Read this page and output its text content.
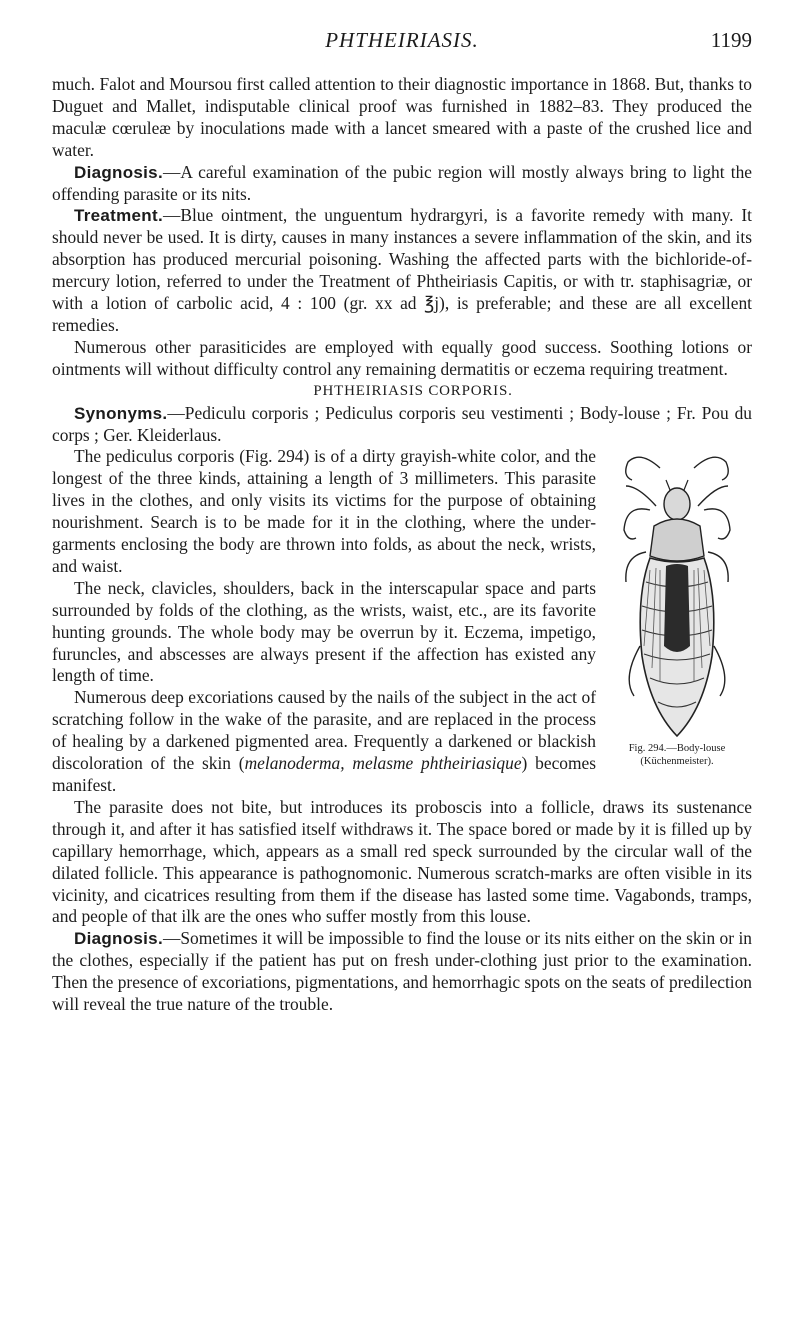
PHTHEIRIASIS.	1199

much. Falot and Moursou first called attention to their diagnostic importance in 1868. But, thanks to Duguet and Mallet, indisputable clinical proof was furnished in 1882–83. They produced the maculæ cœruleæ by inoculations made with a lancet smeared with a paste of the crushed lice and water.

Diagnosis.—A careful examination of the pubic region will mostly always bring to light the offending parasite or its nits.

Treatment.—Blue ointment, the unguentum hydrargyri, is a favorite remedy with many. It should never be used. It is dirty, causes in many instances a severe inflammation of the skin, and its absorption has produced mercurial poisoning. Washing the affected parts with the bichloride-of-mercury lotion, referred to under the Treatment of Phtheiriasis Capitis, or with tr. staphisagriæ, or with a lotion of carbolic acid, 4 : 100 (gr. xx ad ℥j), is preferable; and these are all excellent remedies.

Numerous other parasiticides are employed with equally good success. Soothing lotions or ointments will without difficulty control any remaining dermatitis or eczema requiring treatment.

PHTHEIRIASIS CORPORIS.

Synonyms.—Pediculu corporis ; Pediculus corporis seu vestimenti ; Body-louse ; Fr. Pou du corps ; Ger. Kleiderlaus.

Fig. 294.—Body-louse
(Küchenmeister).

The pediculus corporis (Fig. 294) is of a dirty grayish-white color, and the longest of the three kinds, attaining a length of 3 millimeters. This parasite lives in the clothes, and only visits its victims for the purpose of obtaining nourishment. Search is to be made for it in the clothing, where the under-garments enclosing the body are thrown into folds, as about the neck, wrists, and waist.

The neck, clavicles, shoulders, back in the interscapular space and parts surrounded by folds of the clothing, as the wrists, waist, etc., are its favorite hunting grounds. The whole body may be overrun by it. Eczema, impetigo, furuncles, and abscesses are always present if the affection has existed any length of time.

Numerous deep excoriations caused by the nails of the subject in the act of scratching follow in the wake of the parasite, and are replaced in the process of healing by a darkened pigmented area. Frequently a darkened or blackish discoloration of the skin (melanoderma, melasme phtheiriasique) becomes manifest.

The parasite does not bite, but introduces its proboscis into a follicle, draws its sustenance through it, and after it has satisfied itself withdraws it. The space bored or made by it is filled up by capillary hemorrhage, which, appears as a small red speck surrounded by the circular wall of the dilated follicle. This appearance is pathognomonic. Numerous scratch-marks are often visible in its vicinity, and cicatrices resulting from them if the disease has lasted some time. Vagabonds, tramps, and people of that ilk are the ones who suffer mostly from this louse.

Diagnosis.—Sometimes it will be impossible to find the louse or its nits either on the skin or in the clothes, especially if the patient has put on fresh under-clothing just prior to the examination. Then the presence of excoriations, pigmentations, and hemorrhagic spots on the seats of predilection will reveal the true nature of the trouble.
